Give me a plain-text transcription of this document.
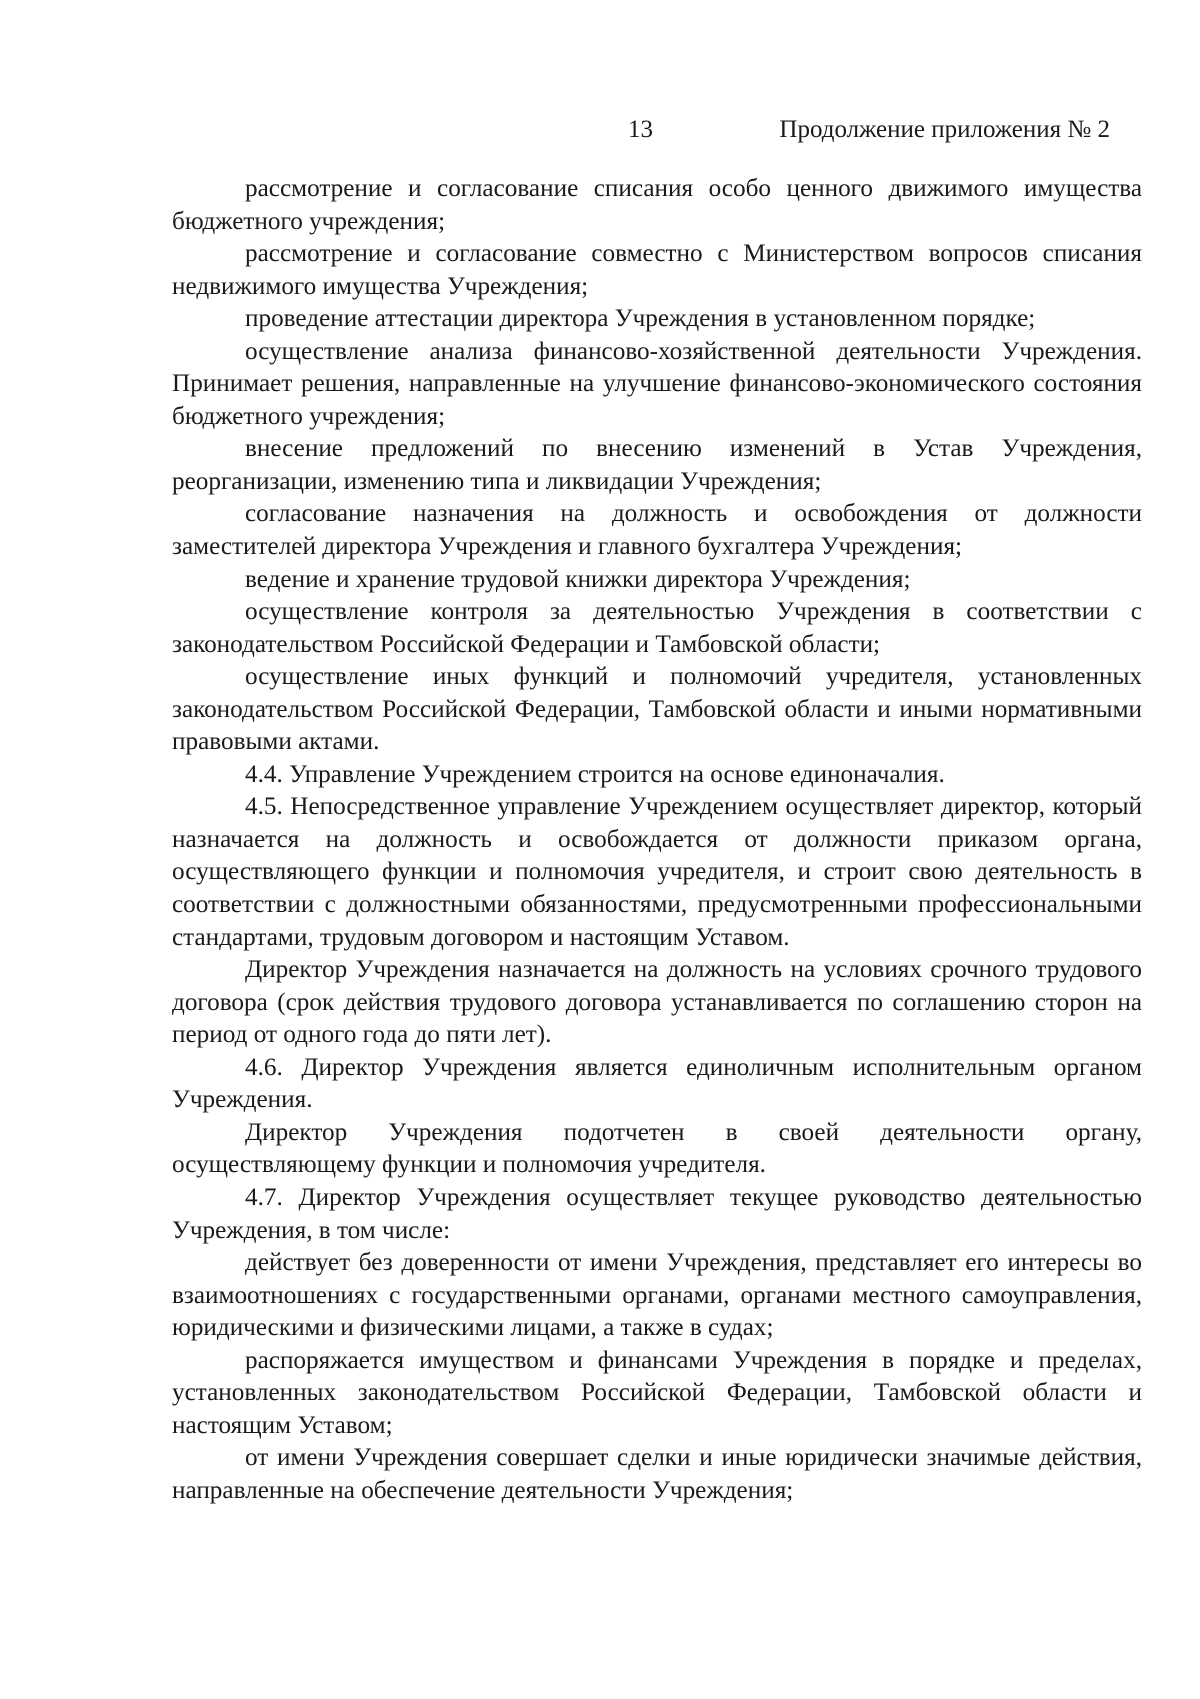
13	Продолжение приложения № 2

рассмотрение и согласование списания особо ценного движимого имущества бюджетного учреждения;

рассмотрение и согласование совместно с Министерством вопросов списания недвижимого имущества Учреждения;

проведение аттестации директора Учреждения в установленном порядке;

осуществление анализа финансово-хозяйственной деятельности Учреждения. Принимает решения, направленные на улучшение финансово-экономического состояния бюджетного учреждения;

внесение предложений по внесению изменений в Устав Учреждения, реорганизации, изменению типа и ликвидации Учреждения;

согласование назначения на должность и освобождения от должности заместителей директора Учреждения и главного бухгалтера Учреждения;

ведение и хранение трудовой книжки директора Учреждения;

осуществление контроля за деятельностью Учреждения в соответствии с законодательством Российской Федерации и Тамбовской области;

осуществление иных функций и полномочий учредителя, установленных законодательством Российской Федерации, Тамбовской области и иными нормативными правовыми актами.

4.4. Управление Учреждением строится на основе единоначалия.

4.5. Непосредственное управление Учреждением осуществляет директор, который назначается на должность и освобождается от должности приказом органа, осуществляющего функции и полномочия учредителя, и строит свою деятельность в соответствии с должностными обязанностями, предусмотренными профессиональными стандартами, трудовым договором и настоящим Уставом.

Директор Учреждения назначается на должность на условиях срочного трудового договора (срок действия трудового договора устанавливается по соглашению сторон на период от одного года до пяти лет).

4.6. Директор Учреждения является единоличным исполнительным органом Учреждения.

Директор Учреждения подотчетен в своей деятельности органу, осуществляющему функции и полномочия учредителя.

4.7. Директор Учреждения осуществляет текущее руководство деятельностью Учреждения, в том числе:

действует без доверенности от имени Учреждения, представляет его интересы во взаимоотношениях с государственными органами, органами местного самоуправления, юридическими и физическими лицами, а также в судах;

распоряжается имуществом и финансами Учреждения в порядке и пределах, установленных законодательством Российской Федерации, Тамбовской области и настоящим Уставом;

от имени Учреждения совершает сделки и иные юридически значимые действия, направленные на обеспечение деятельности Учреждения;
